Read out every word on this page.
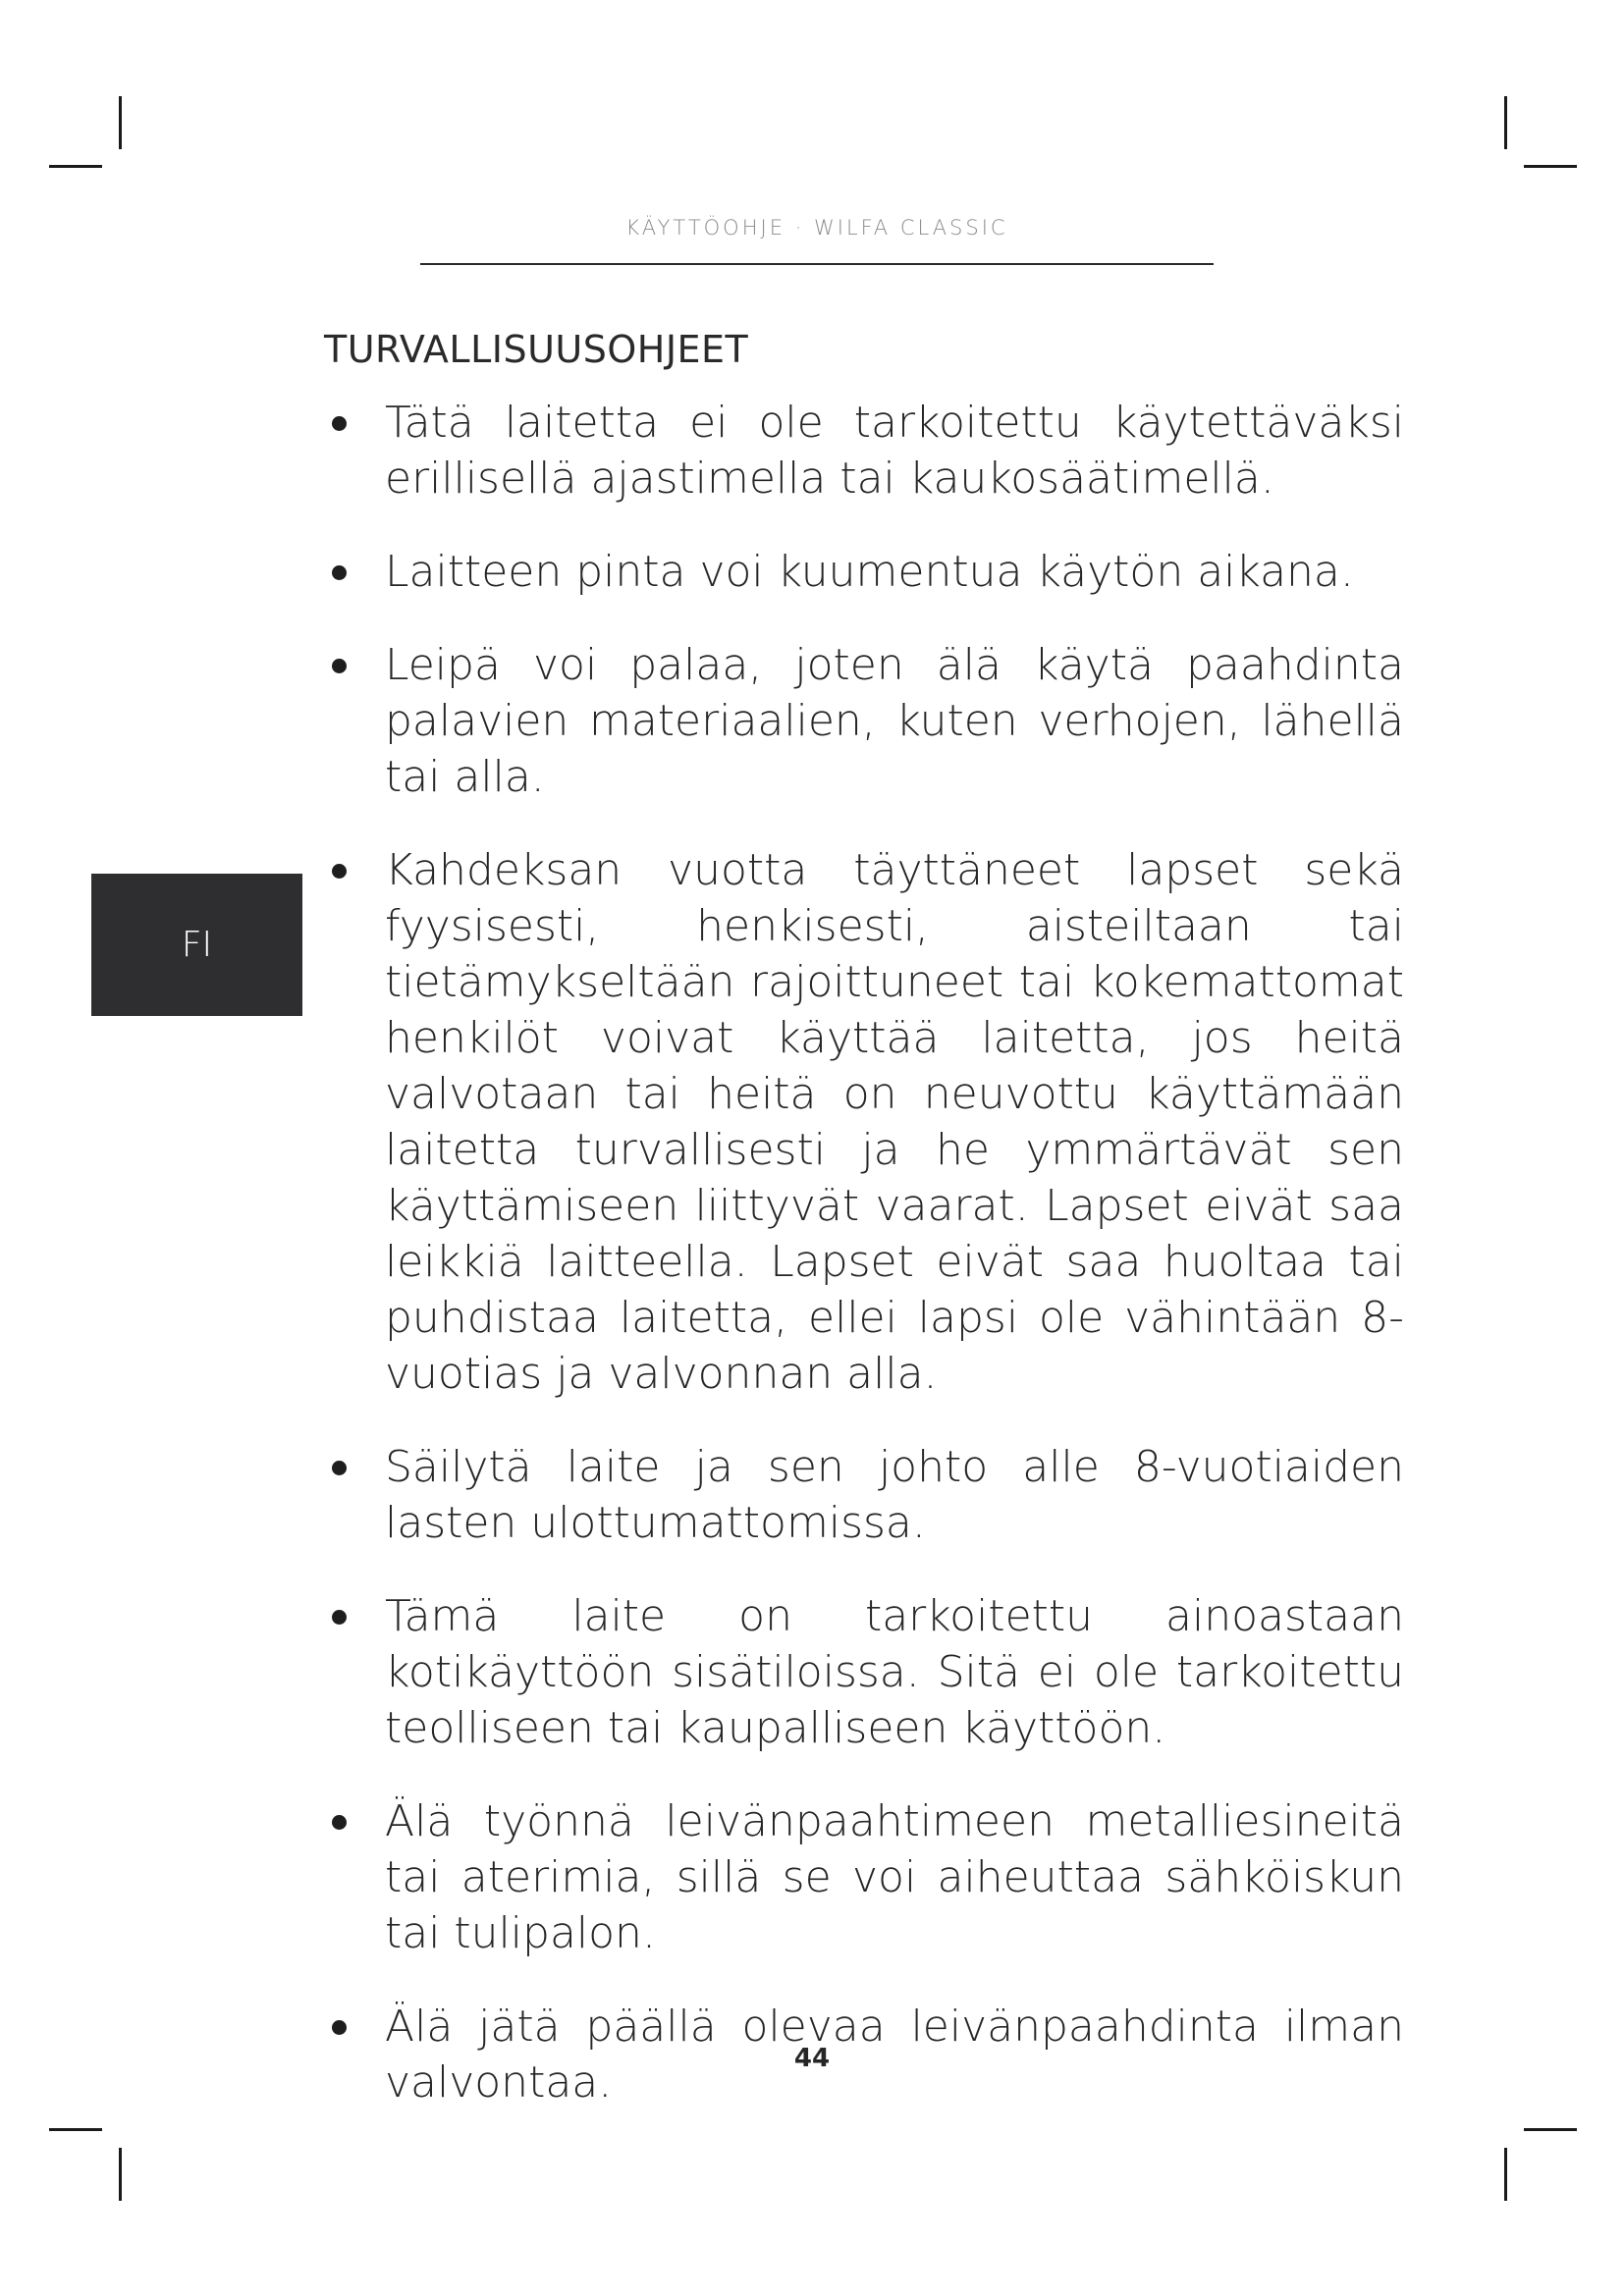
KÄYTTÖOHJE · WILFA CLASSIC
FI
TURVALLISUUSOHJEET
Tätä laitetta ei ole tarkoitettu käytettäväksi erillisellä ajastimella tai kaukosäätimellä.
Laitteen pinta voi kuumentua käytön aikana.
Leipä voi palaa, joten älä käytä paahdinta palavien materiaalien, kuten verhojen, lähellä tai alla.
Kahdeksan vuotta täyttäneet lapset sekä fyysisesti, henkisesti, aisteiltaan tai tietämykseltään rajoittuneet tai kokemattomat henkilöt voivat käyttää laitetta, jos heitä valvotaan tai heitä on neuvottu käyttämään laitetta turvallisesti ja he ymmärtävät sen käyttämiseen liittyvät vaarat. Lapset eivät saa leikkiä laitteella. Lapset eivät saa huoltaa tai puhdistaa laitetta, ellei lapsi ole vähintään 8-vuotias ja valvonnan alla.
Säilytä laite ja sen johto alle 8-vuotiaiden lasten ulottumattomissa.
Tämä laite on tarkoitettu ainoastaan kotikäyttöön sisätiloissa. Sitä ei ole tarkoitettu teolliseen tai kaupalliseen käyttöön.
Älä työnnä leivänpaahtimeen metalliesineitä tai aterimia, sillä se voi aiheuttaa sähköiskun tai tulipalon.
Älä jätä päällä olevaa leivänpaahdinta ilman valvontaa.	44
